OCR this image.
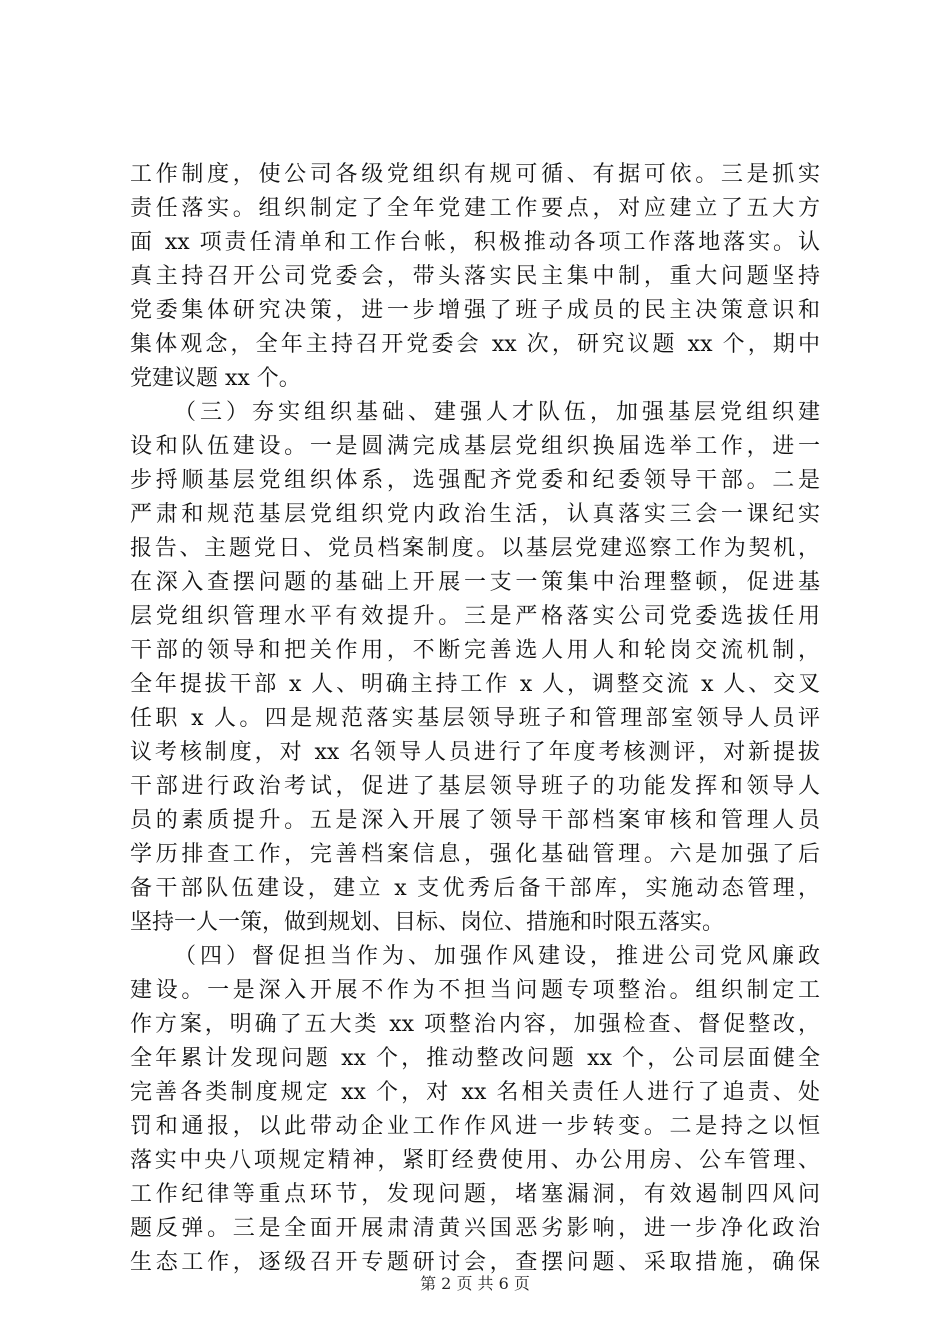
工作制度，使公司各级党组织有规可循、有据可依。三是抓实
责任落实。组织制定了全年党建工作要点，对应建立了五大方
面 xx 项责任清单和工作台帐，积极推动各项工作落地落实。认
真主持召开公司党委会，带头落实民主集中制，重大问题坚持
党委集体研究决策，进一步增强了班子成员的民主决策意识和
集体观念，全年主持召开党委会 xx 次，研究议题 xx 个，期中
党建议题 xx 个。
（三）夯实组织基础、建强人才队伍，加强基层党组织建
设和队伍建设。一是圆满完成基层党组织换届选举工作，进一
步捋顺基层党组织体系，选强配齐党委和纪委领导干部。二是
严肃和规范基层党组织党内政治生活，认真落实三会一课纪实
报告、主题党日、党员档案制度。以基层党建巡察工作为契机，
在深入查摆问题的基础上开展一支一策集中治理整顿，促进基
层党组织管理水平有效提升。三是严格落实公司党委选拔任用
干部的领导和把关作用，不断完善选人用人和轮岗交流机制，
全年提拔干部 x 人、明确主持工作 x 人，调整交流 x 人、交叉
任职 x 人。四是规范落实基层领导班子和管理部室领导人员评
议考核制度，对 xx 名领导人员进行了年度考核测评，对新提拔
干部进行政治考试，促进了基层领导班子的功能发挥和领导人
员的素质提升。五是深入开展了领导干部档案审核和管理人员
学历排查工作，完善档案信息，强化基础管理。六是加强了后
备干部队伍建设，建立 x 支优秀后备干部库，实施动态管理，
坚持一人一策，做到规划、目标、岗位、措施和时限五落实。
（四）督促担当作为、加强作风建设，推进公司党风廉政
建设。一是深入开展不作为不担当问题专项整治。组织制定工
作方案，明确了五大类 xx 项整治内容，加强检查、督促整改，
全年累计发现问题 xx 个，推动整改问题 xx 个，公司层面健全
完善各类制度规定 xx 个，对 xx 名相关责任人进行了追责、处
罚和通报，以此带动企业工作作风进一步转变。二是持之以恒
落实中央八项规定精神，紧盯经费使用、办公用房、公车管理、
工作纪律等重点环节，发现问题，堵塞漏洞，有效遏制四风问
题反弹。三是全面开展肃清黄兴国恶劣影响，进一步净化政治
生态工作，逐级召开专题研讨会，查摆问题、采取措施，确保
第 2 页 共 6 页
